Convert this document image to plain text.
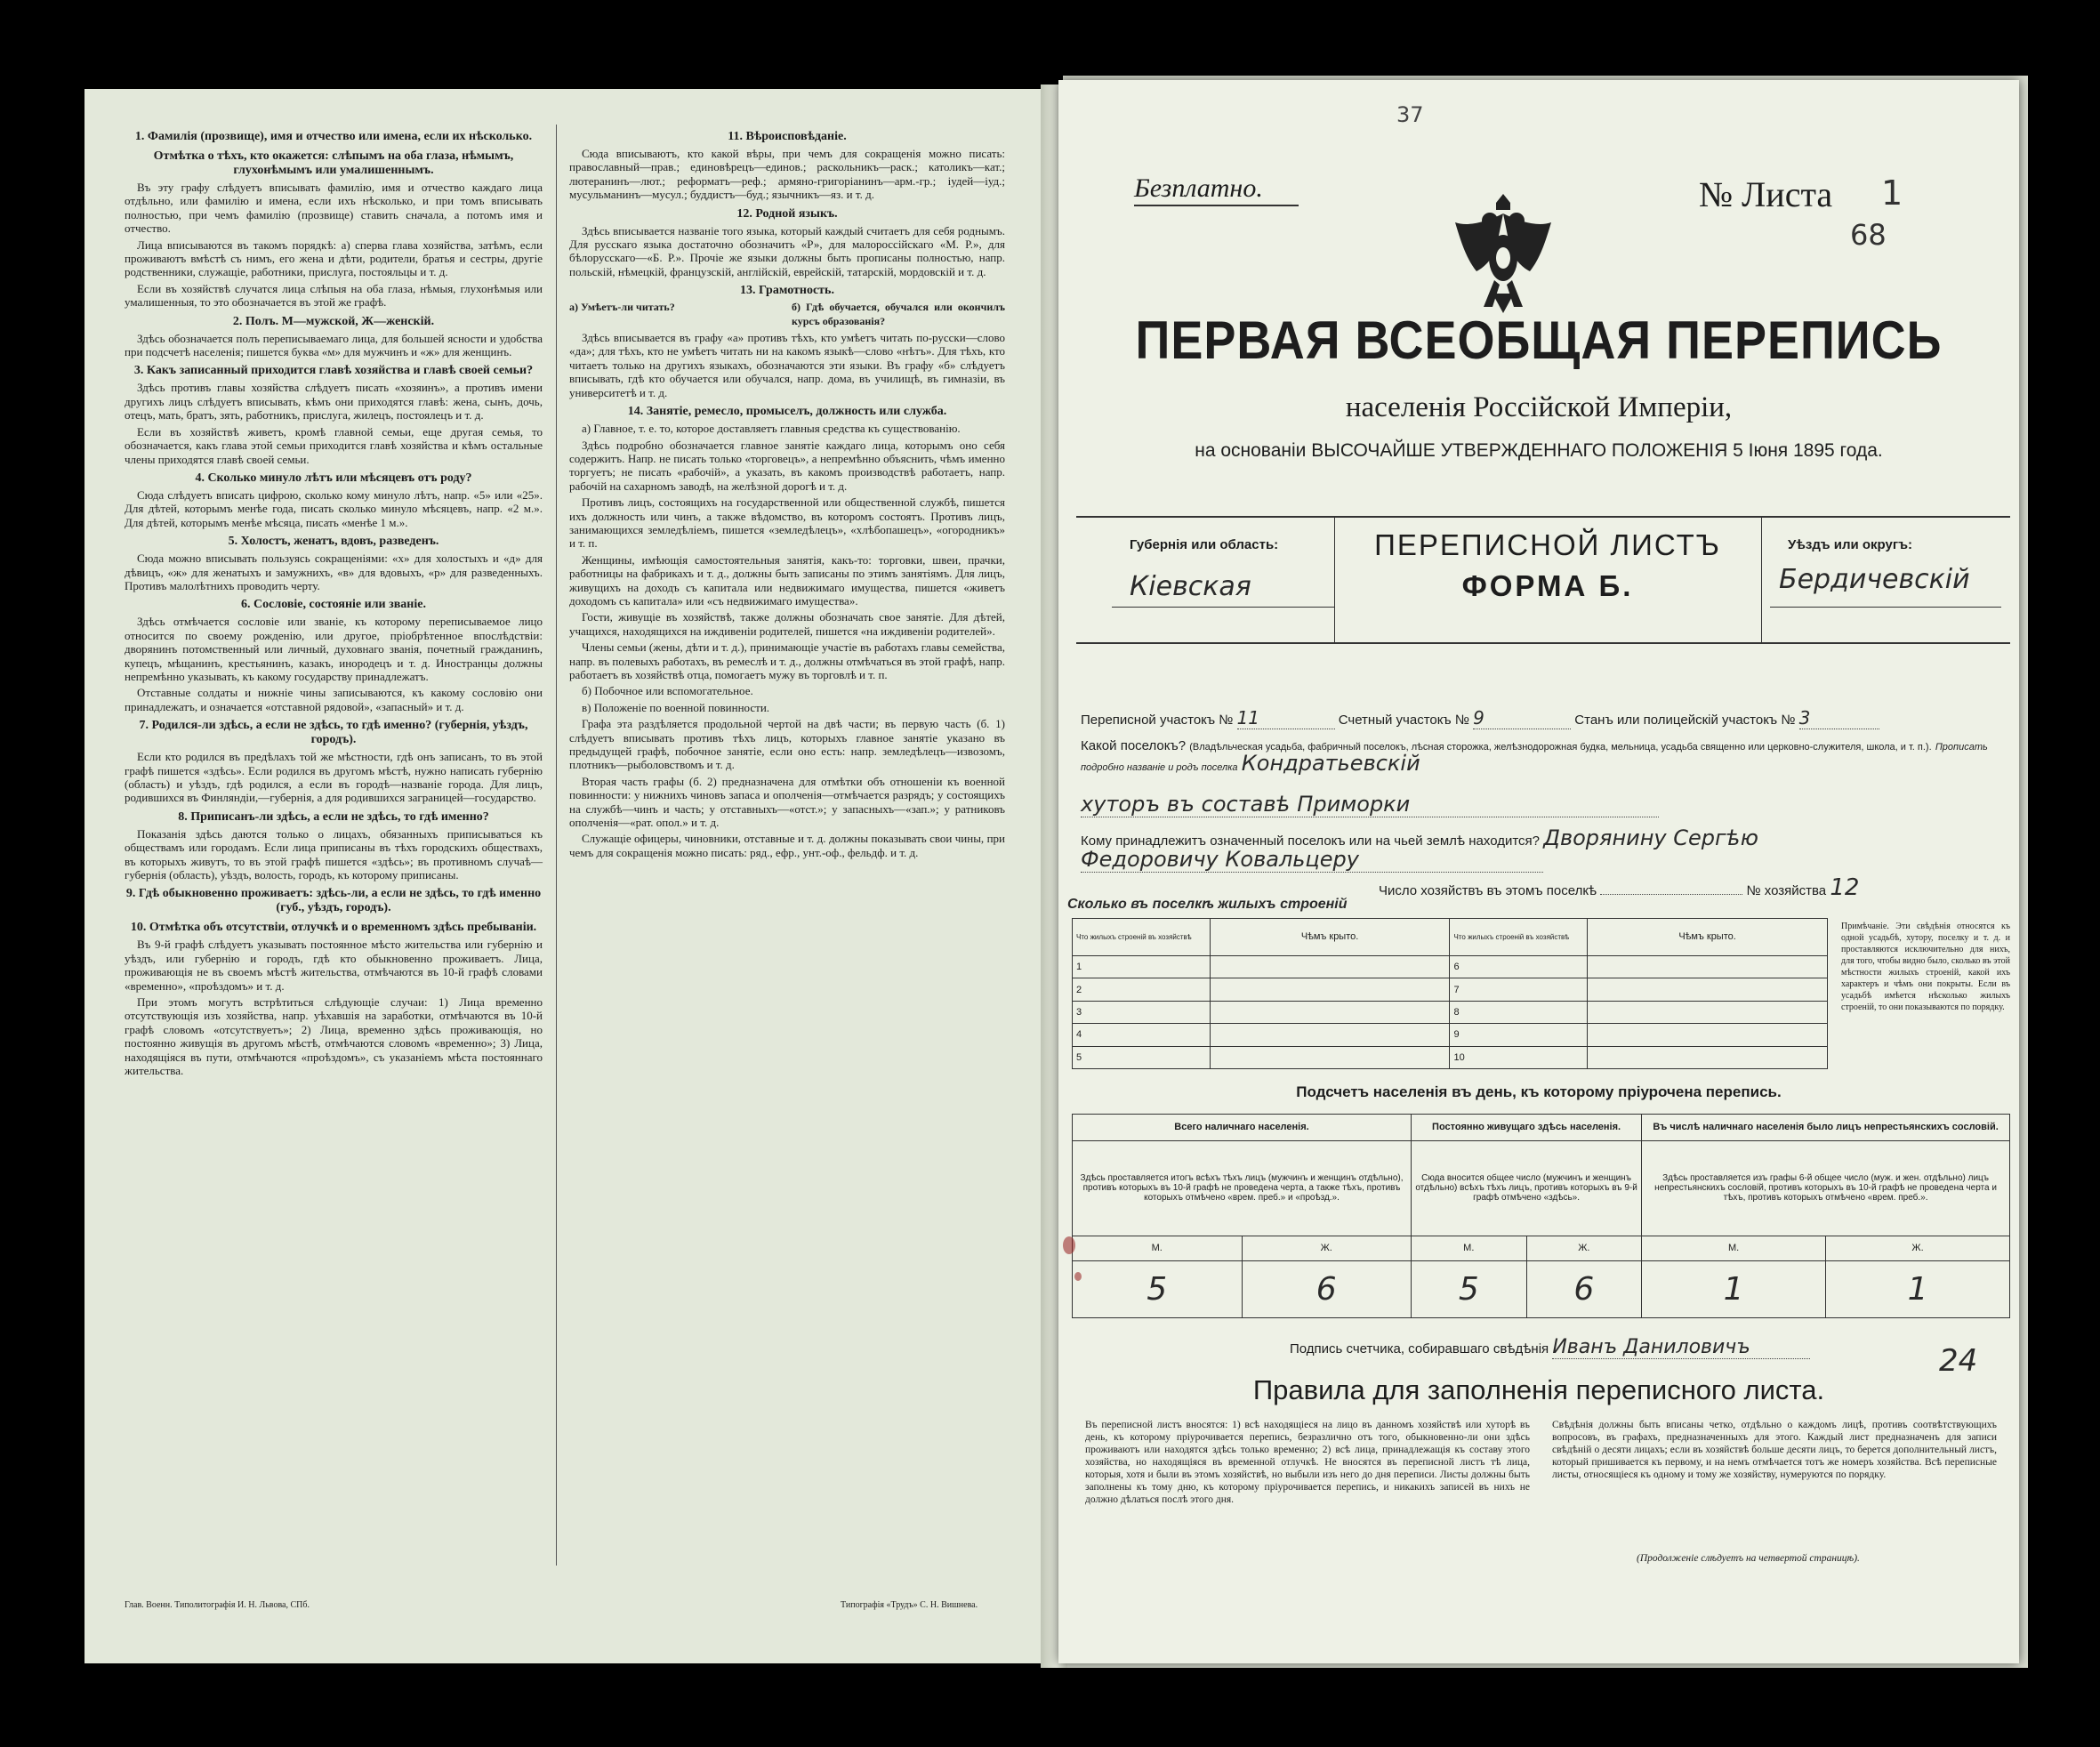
1. Фамилія (прозвище), имя и отчество или имена, если их нѣсколько.
Отмѣтка о тѣхъ, кто окажется: слѣпымъ на оба глаза, нѣмымъ, глухонѣмымъ или умалишеннымъ.

Въ эту графу слѣдуетъ вписывать фамилію, имя и отчество каждаго лица отдѣльно, или фамилію и имена, если ихъ нѣсколько, и при томъ вписывать полностью, при чемъ фамилію (прозвище) ставить сначала, а потомъ имя и отчество.

Лица вписываются въ такомъ порядкѣ: а) сперва глава хозяйства, затѣмъ, если проживаютъ вмѣстѣ съ нимъ, его жена и дѣти, родители, братья и сестры, другіе родственники, служащіе, работники, прислуга, постояльцы и т. д.

Если въ хозяйствѣ случатся лица слѣпыя на оба глаза, нѣмыя, глухонѣмыя или умалишенныя, то это обозначается въ этой же графѣ.

2. Полъ. М—мужской, Ж—женскій.

Здѣсь обозначается полъ переписываемаго лица, для большей ясности и удобства при подсчетѣ населенія; пишется буква «м» для мужчинъ и «ж» для женщинъ.

3. Какъ записанный приходится главѣ хозяйства и главѣ своей семьи?

Здѣсь противъ главы хозяйства слѣдуетъ писать «хозяинъ», а противъ имени другихъ лицъ слѣдуетъ вписывать, кѣмъ они приходятся главѣ: жена, сынъ, дочь, отецъ, мать, братъ, зять, работникъ, прислуга, жилецъ, постоялецъ и т. д.

Если въ хозяйствѣ живетъ, кромѣ главной семьи, еще другая семья, то обозначается, какъ глава этой семьи приходится главѣ хозяйства и кѣмъ остальные члены приходятся главѣ своей семьи.

4. Сколько минуло лѣтъ или мѣсяцевъ отъ роду?

Сюда слѣдуетъ вписать цифрою, сколько кому минуло лѣтъ, напр. «5» или «25». Для дѣтей, которымъ менѣе года, писать сколько минуло мѣсяцевъ, напр. «2 м.». Для дѣтей, которымъ менѣе мѣсяца, писать «менѣе 1 м.».

5. Холостъ, женатъ, вдовъ, разведенъ.

Сюда можно вписывать пользуясь сокращеніями: «х» для холостыхъ и «д» для дѣвицъ, «ж» для женатыхъ и замужнихъ, «в» для вдовыхъ, «р» для разведенныхъ. Противъ малолѣтнихъ проводить черту.

6. Сословіе, состояніе или званіе.

Здѣсь отмѣчается сословіе или званіе, къ которому переписываемое лицо относится по своему рожденію, или другое, пріобрѣтенное впослѣдствіи: дворянинъ потомственный или личный, духовнаго званія, почетный гражданинъ, купецъ, мѣщанинъ, крестьянинъ, казакъ, инородецъ и т. д. Иностранцы должны непремѣнно указывать, къ какому государству принадлежатъ.

Отставные солдаты и нижніе чины записываются, къ какому сословію они принадлежатъ, и означается «отставной рядовой», «запасный» и т. д.

7. Родился-ли здѣсь, а если не здѣсь, то гдѣ именно? (губернія, уѣздъ, городъ).

Если кто родился въ предѣлахъ той же мѣстности, гдѣ онъ записанъ, то въ этой графѣ пишется «здѣсь». Если родился въ другомъ мѣстѣ, нужно написать губернію (область) и уѣздъ, гдѣ родился, а если въ городѣ—названіе города. Для лицъ, родившихся въ Финляндіи,—губернія, а для родившихся заграницей—государство.

8. Приписанъ-ли здѣсь, а если не здѣсь, то гдѣ именно?

Показанія здѣсь даются только о лицахъ, обязанныхъ приписываться къ обществамъ или городамъ. Если лица приписаны въ тѣхъ городскихъ обществахъ, въ которыхъ живутъ, то въ этой графѣ пишется «здѣсь»; въ противномъ случаѣ—губернія (область), уѣздъ, волость, городъ, къ которому приписаны.

9. Гдѣ обыкновенно проживаетъ: здѣсь-ли, а если не здѣсь, то гдѣ именно (губ., уѣздъ, городъ).
10. Отмѣтка объ отсутствіи, отлучкѣ и о временномъ здѣсь пребываніи.

Въ 9-й графѣ слѣдуетъ указывать постоянное мѣсто жительства или губернію и уѣздъ, или губернію и городъ, гдѣ кто обыкновенно проживаетъ. Лица, проживающія не въ своемъ мѣстѣ жительства, отмѣчаются въ 10-й графѣ словами «временно», «проѣздомъ» и т. д.

При этомъ могутъ встрѣтиться слѣдующіе случаи: 1) Лица временно отсутствующія изъ хозяйства, напр. уѣхавшія на заработки, отмѣчаются въ 10-й графѣ словомъ «отсутствуетъ»; 2) Лица, временно здѣсь проживающія, но постоянно живущія въ другомъ мѣстѣ, отмѣчаются словомъ «временно»; 3) Лица, находящіяся въ пути, отмѣчаются «проѣздомъ», съ указаніемъ мѣста постояннаго жительства.

11. Вѣроисповѣданіе.

Сюда вписываютъ, кто какой вѣры, при чемъ для сокращенія можно писать: православный—прав.; единовѣрецъ—единов.; раскольникъ—раск.; католикъ—кат.; лютеранинъ—лют.; реформатъ—реф.; армяно-григоріанинъ—арм.-гр.; іудей—іуд.; мусульманинъ—мусул.; буддистъ—буд.; язычникъ—яз. и т. д.

12. Родной языкъ.

Здѣсь вписывается названіе того языка, который каждый считаетъ для себя роднымъ. Для русскаго языка достаточно обозначить «Р», для малороссійскаго «М. Р.», для бѣлорусскаго—«Б. Р.». Прочіе же языки должны быть прописаны полностью, напр. польскій, нѣмецкій, французскій, англійскій, еврейскій, татарскій, мордовскій и т. д.

13. Грамотность.
а) Умѣетъ-ли читать?	б) Гдѣ обучается, обучался или окончилъ курсъ образованія?

Здѣсь вписывается въ графу «а» противъ тѣхъ, кто умѣетъ читать по-русски—слово «да»; для тѣхъ, кто не умѣетъ читать ни на какомъ языкѣ—слово «нѣтъ». Для тѣхъ, кто читаетъ только на другихъ языкахъ, обозначаются эти языки. Въ графу «б» слѣдуетъ вписывать, гдѣ кто обучается или обучался, напр. дома, въ училищѣ, въ гимназіи, въ университетѣ и т. д.

14. Занятіе, ремесло, промыселъ, должность или служба.

а) Главное, т. е. то, которое доставляетъ главныя средства къ существованію.

Здѣсь подробно обозначается главное занятіе каждаго лица, которымъ оно себя содержитъ. Напр. не писать только «торговецъ», а непремѣнно объяснить, чѣмъ именно торгуетъ; не писать «рабочій», а указать, въ какомъ производствѣ работаетъ, напр. рабочій на сахарномъ заводѣ, на желѣзной дорогѣ и т. д.

Противъ лицъ, состоящихъ на государственной или общественной службѣ, пишется ихъ должность или чинъ, а также вѣдомство, въ которомъ состоятъ. Противъ лицъ, занимающихся земледѣліемъ, пишется «земледѣлецъ», «хлѣбопашецъ», «огородникъ» и т. п.

Женщины, имѣющія самостоятельныя занятія, какъ-то: торговки, швеи, прачки, работницы на фабрикахъ и т. д., должны быть записаны по этимъ занятіямъ. Для лицъ, живущихъ на доходъ съ капитала или недвижимаго имущества, пишется «живетъ доходомъ съ капитала» или «съ недвижимаго имущества».

Гости, живущіе въ хозяйствѣ, также должны обозначать свое занятіе. Для дѣтей, учащихся, находящихся на иждивеніи родителей, пишется «на иждивеніи родителей».

Члены семьи (жены, дѣти и т. д.), принимающіе участіе въ работахъ главы семейства, напр. въ полевыхъ работахъ, въ ремеслѣ и т. д., должны отмѣчаться въ этой графѣ, напр. работаетъ въ хозяйствѣ отца, помогаетъ мужу въ торговлѣ и т. п.

б) Побочное или вспомогательное.

в) Положеніе по военной повинности.

Графа эта раздѣляется продольной чертой на двѣ части; въ первую часть (б. 1) слѣдуетъ вписывать противъ тѣхъ лицъ, которыхъ главное занятіе указано въ предыдущей графѣ, побочное занятіе, если оно есть: напр. земледѣлецъ—извозомъ, плотникъ—рыболовствомъ и т. д.

Вторая часть графы (б. 2) предназначена для отмѣтки объ отношеніи къ военной повинности: у нижнихъ чиновъ запаса и ополченія—отмѣчается разрядъ; у состоящихъ на службѣ—чинъ и часть; у отставныхъ—«отст.»; у запасныхъ—«зап.»; у ратниковъ ополченія—«рат. опол.» и т. д.

Служащіе офицеры, чиновники, отставные и т. д. должны показывать свои чины, при чемъ для сокращенія можно писать: ряд., ефр., унт.-оф., фельдф. и т. д.

Глав. Военн. Типолитографія И. Н. Львова, СПб.	Типографія «Трудъ» С. Н. Вишнева.
37
Безплатно.	№ Листа 1
68
ПЕРВАЯ ВСЕОБЩАЯ ПЕРЕПИСЬ
населенія Россійской Имперіи,
на основаніи ВЫСОЧАЙШЕ УТВЕРЖДЕННАГО ПОЛОЖЕНІЯ 5 Іюня 1895 года.
Губернія или область:
Кіевская
ПЕРЕПИСНОЙ ЛИСТЪ
ФОРМА Б.
Уѣздъ или округъ:
Бердичевскій
Переписной участокъ № 11	Счетный участокъ № 9	Станъ или полицейскій участокъ № 3
Какой поселокъ? (Владѣльческая усадьба, фабричный поселокъ, лѣсная сторожка, желѣзнодорожная будка, мельница, усадьба священно или церковно-служителя, школа, и т. п.). Прописать подробно названіе и родъ поселка Кондратьевскій
хуторъ въ составѣ Приморки
Кому принадлежитъ означенный поселокъ или на чьей землѣ находится? Дворянину Сергѣю
Федоровичу Ковальцеру
Число хозяйствъ въ этомъ поселкѣ	№ хозяйства 12
Сколько въ поселкѣ жилыхъ строеній
Что жилыхъ строеній въ хозяйствѣ	Чѣмъ крыто.	Что жилыхъ строеній въ хозяйствѣ	Чѣмъ крыто.
1		6	
2		7	
3		8	
4		9	
5		10	
Примѣчаніе. Эти свѣдѣнія относятся къ одной усадьбѣ, хутору, поселку и т. д. и проставляются исключительно для нихъ, для того, чтобы видно было, сколько въ этой мѣстности жилыхъ строеній, какой ихъ характеръ и чѣмъ они покрыты. Если въ усадьбѣ имѣется нѣсколько жилыхъ строеній, то они показываются по порядку.
Подсчетъ населенія въ день, къ которому пріурочена перепись.
Всего наличнаго населенія.		Постоянно живущаго здѣсь населенія.		Въ числѣ наличнаго населенія было лицъ непрестьянскихъ сословій.	
Здѣсь проставляется итогъ всѣхъ тѣхъ лицъ (мужчинъ и женщинъ отдѣльно), противъ которыхъ въ 10-й графѣ не проведена черта, а также тѣхъ, противъ которыхъ отмѣчено «врем. преб.» и «проѣзд.».		Сюда вносится общее число (мужчинъ и женщинъ отдѣльно) всѣхъ тѣхъ лицъ, противъ которыхъ въ 9-й графѣ отмѣчено «здѣсь».		Здѣсь проставляется изъ графы 6-й общее число (муж. и жен. отдѣльно) лицъ непрестьянскихъ сословій, противъ которыхъ въ 10-й графѣ не проведена черта и тѣхъ, противъ которыхъ отмѣчено «врем. преб.».	
М.	Ж.	М.	Ж.	М.	Ж.
5	6	5	6	1	1
Подпись счетчика, собиравшаго свѣдѣнія Иванъ Даниловичъ	24
Правила для заполненія переписного листа.
Въ переписной листъ вносятся: 1) всѣ находящіеся на лицо въ данномъ хозяйствѣ или хуторѣ въ день, къ которому пріурочивается перепись, безразлично отъ того, обыкновенно-ли они здѣсь проживаютъ или находятся здѣсь только временно; 2) всѣ лица, принадлежащія къ составу этого хозяйства, но находящіяся въ временной отлучкѣ. Не вносятся въ переписной листъ тѣ лица, которыя, хотя и были въ этомъ хозяйствѣ, но выбыли изъ него до дня переписи. Листы должны быть заполнены къ тому дню, къ которому пріурочивается перепись, и никакихъ записей въ нихъ не должно дѣлаться послѣ этого дня.
Свѣдѣнія должны быть вписаны четко, отдѣльно о каждомъ лицѣ, противъ соотвѣтствующихъ вопросовъ, въ графахъ, предназначенныхъ для этого. Каждый лист предназначенъ для записи свѣдѣній о десяти лицахъ; если въ хозяйствѣ больше десяти лицъ, то берется дополнительный листъ, который пришивается къ первому, и на немъ отмѣчается тотъ же номеръ хозяйства. Всѣ переписные листы, относящіеся къ одному и тому же хозяйству, нумеруются по порядку.
(Продолженіе слѣдуетъ на четвертой страницѣ).
